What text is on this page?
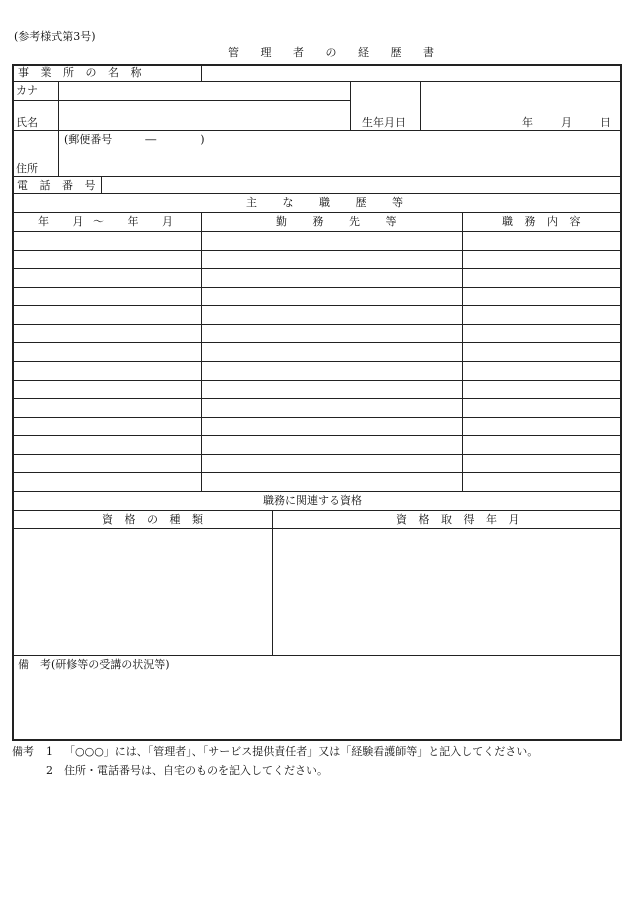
(参考様式第3号)
管 理 者 の 経 歴 書
事 業 所 の 名 称
カナ
氏名	生年月日	年　　月　　日
(郵便番号　　　―　　　　)
住所
電 話 番 号
主 な 職 歴 等
年 　月 ～ 　年 　月	勤 務 先 等	職 務 内 容
職務に関連する資格
資 格 の 種 類	資 格 取 得 年 月
備　考(研修等の受講の状況等)
備考 1 「○○○」には、「管理者」、「サービス提供責任者」又は「経験看護師等」と記入してください。
2 住所・電話番号は、自宅のものを記入してください。
